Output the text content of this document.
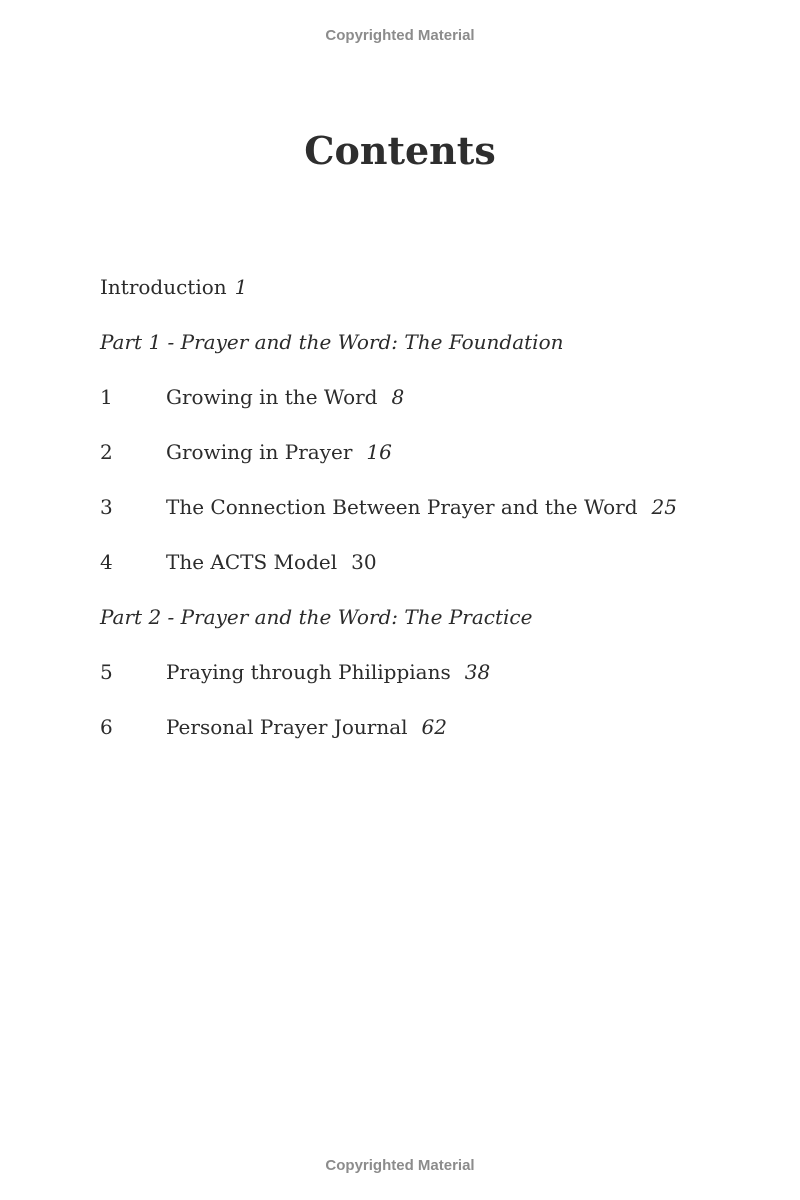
Copyrighted Material
Contents
Introduction 1
Part 1 - Prayer and the Word: The Foundation
1	Growing in the Word 8
2	Growing in Prayer 16
3	The Connection Between Prayer and the Word 25
4	The ACTS Model 30
Part 2 - Prayer and the Word: The Practice
5	Praying through Philippians 38
6	Personal Prayer Journal 62
Copyrighted Material
